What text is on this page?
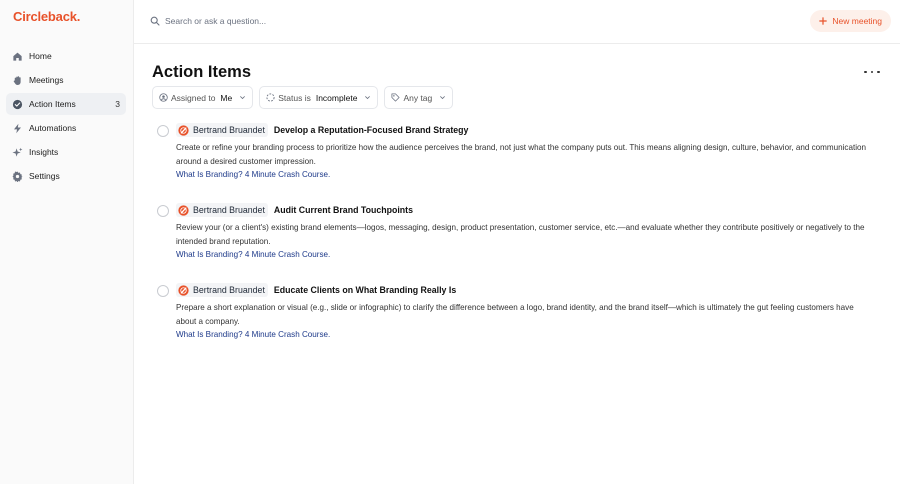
Circleback.
Home
Meetings
Action Items	3
Automations
Insights
Settings
Search or ask a question...
New meeting
Action Items
Assigned to Me	Status is Incomplete	Any tag
Bertrand Bruandet Develop a Reputation-Focused Brand Strategy
Create or refine your branding process to prioritize how the audience perceives the brand, not just what the company puts out. This means aligning design, culture, behavior, and communication around a desired customer impression.
What Is Branding? 4 Minute Crash Course.
Bertrand Bruandet Audit Current Brand Touchpoints
Review your (or a client's) existing brand elements—logos, messaging, design, product presentation, customer service, etc.—and evaluate whether they contribute positively or negatively to the intended brand reputation.
What Is Branding? 4 Minute Crash Course.
Bertrand Bruandet Educate Clients on What Branding Really Is
Prepare a short explanation or visual (e.g., slide or infographic) to clarify the difference between a logo, brand identity, and the brand itself—which is ultimately the gut feeling customers have about a company.
What Is Branding? 4 Minute Crash Course.
